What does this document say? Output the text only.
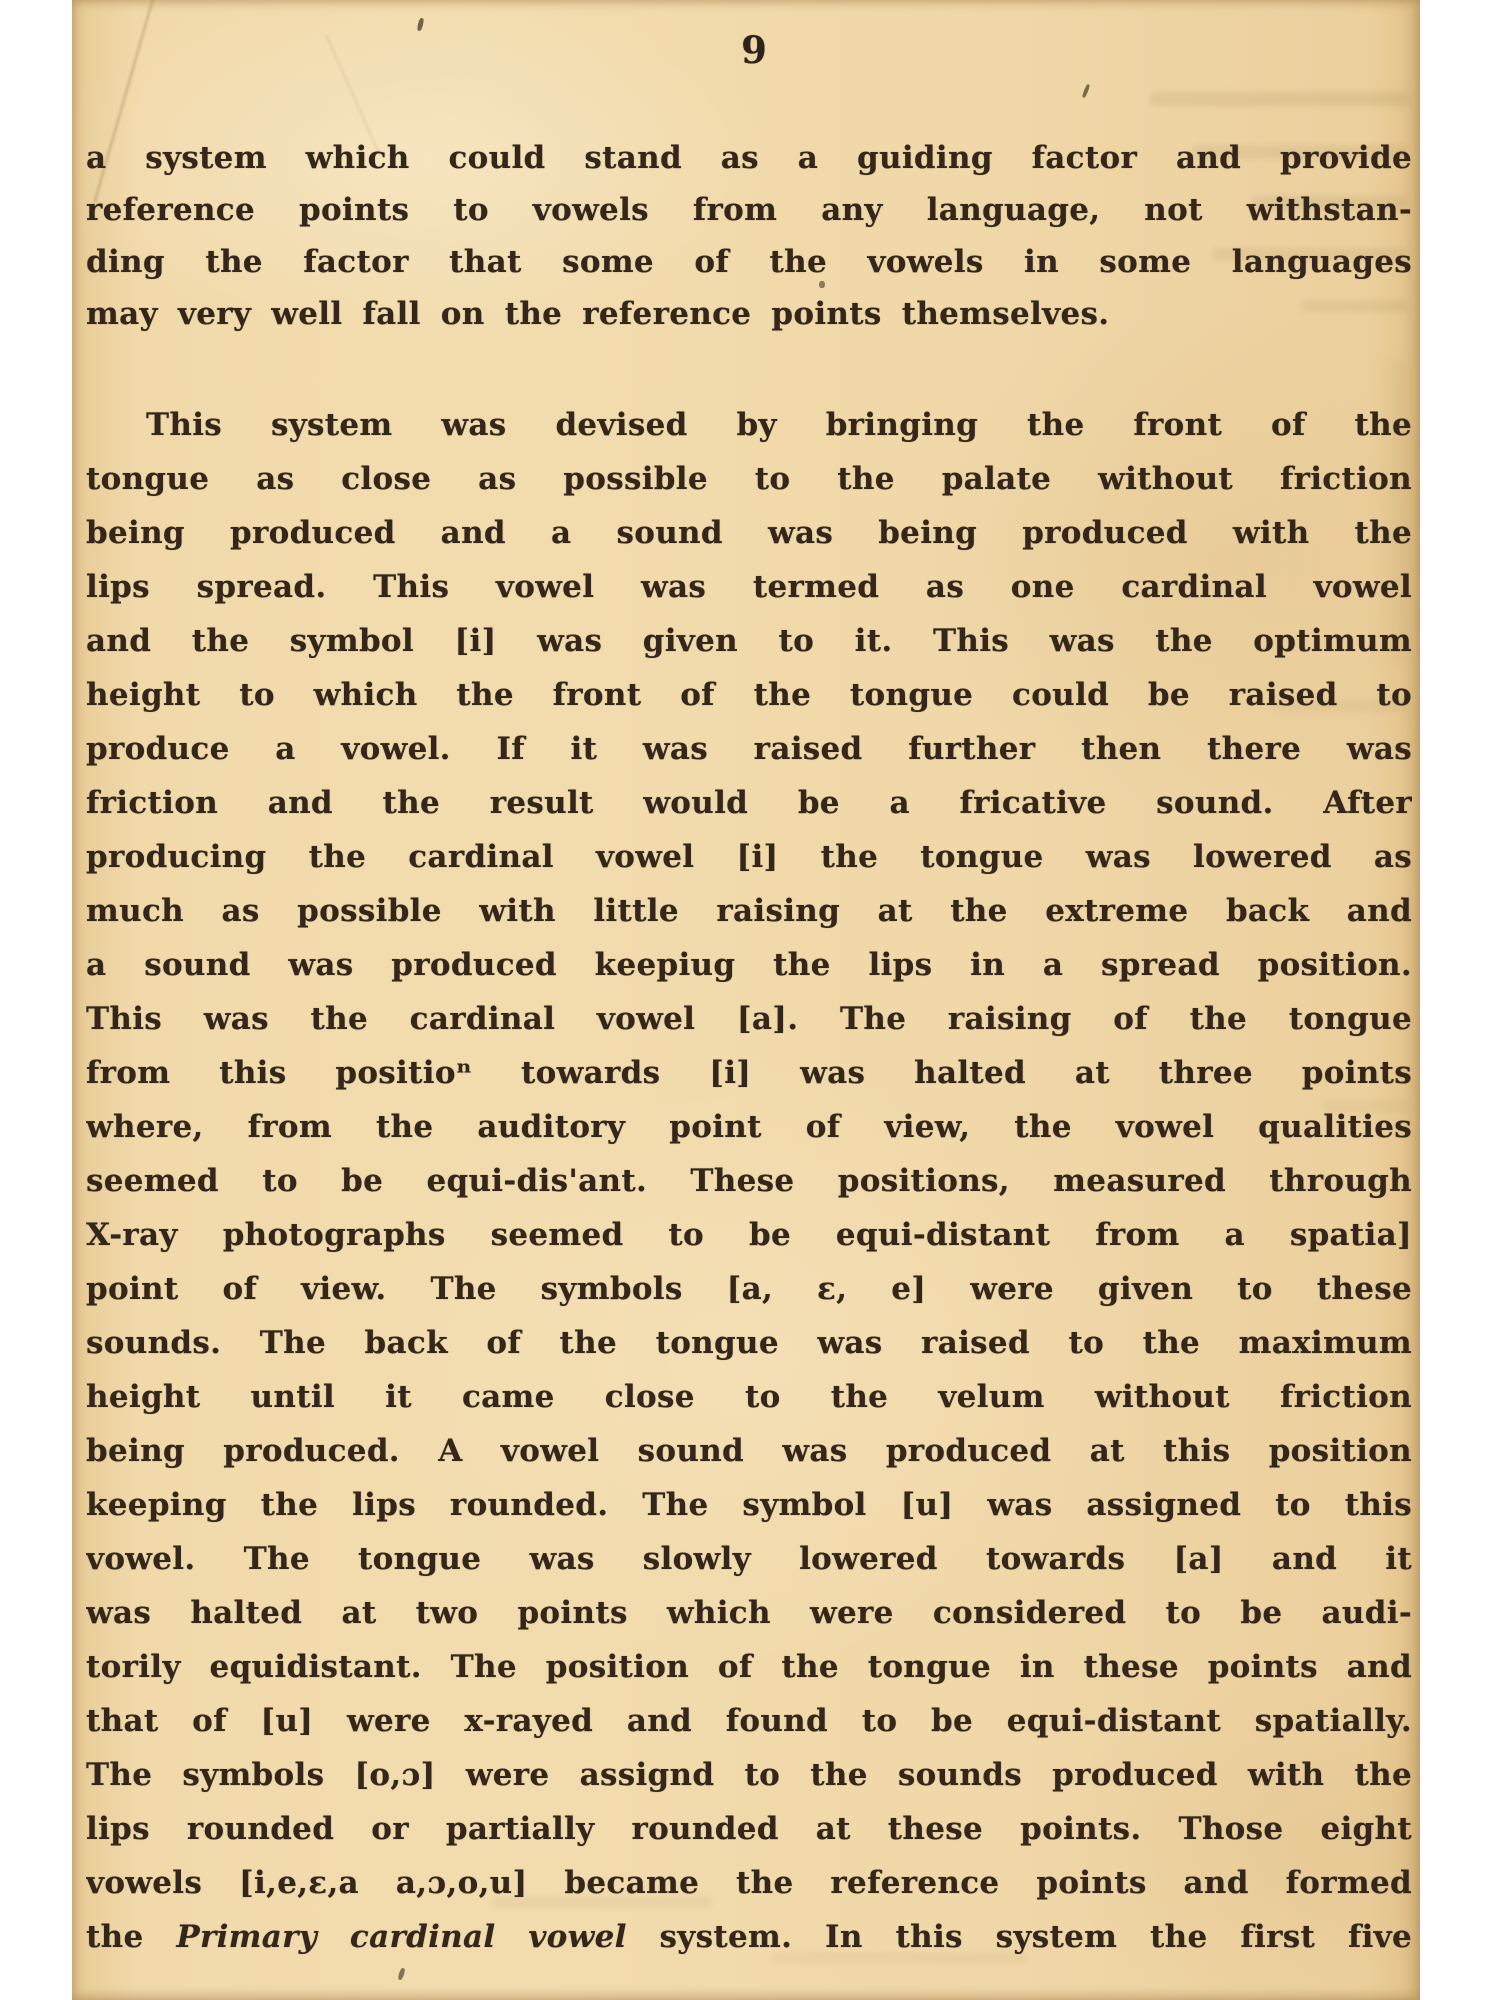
9
a system which could stand as a guiding factor and provide
reference points to vowels from any language, not withstan-
ding the factor that some of the vowels in some languages
may very well fall on the reference points themselves.
This system was devised by bringing the front of the
tongue as close as possible to the palate without friction
being produced and a sound was being produced with the
lips spread. This vowel was termed as one cardinal vowel
and the symbol [i] was given to it. This was the optimum
height to which the front of the tongue could be raised to
produce a vowel. If it was raised further then there was
friction and the result would be a fricative sound. After
producing the cardinal vowel [i] the tongue was lowered as
much as possible with little raising at the extreme back and
a sound was produced keepiug the lips in a spread position.
This was the cardinal vowel [a]. The raising of the tongue
from this positioⁿ towards [i] was halted at three points
where, from the auditory point of view, the vowel qualities
seemed to be equi-dis'ant. These positions, measured through
X-ray photographs seemed to be equi-distant from a spatia]
point of view. The symbols [a, ε, e] were given to these
sounds. The back of the tongue was raised to the maximum
height until it came close to the velum without friction
being produced. A vowel sound was produced at this position
keeping the lips rounded. The symbol [u] was assigned to this
vowel. The tongue was slowly lowered towards [a] and it
was halted at two points which were considered to be audi-
torily equidistant. The position of the tongue in these points and
that of [u] were x-rayed and found to be equi-distant spatially.
The symbols [o,ɔ] were assignd to the sounds produced with the
lips rounded or partially rounded at these points. Those eight
vowels [i,e,ε,a a,ɔ,o,u] became the reference points and formed
the Primary cardinal vowel system. In this system the first five
